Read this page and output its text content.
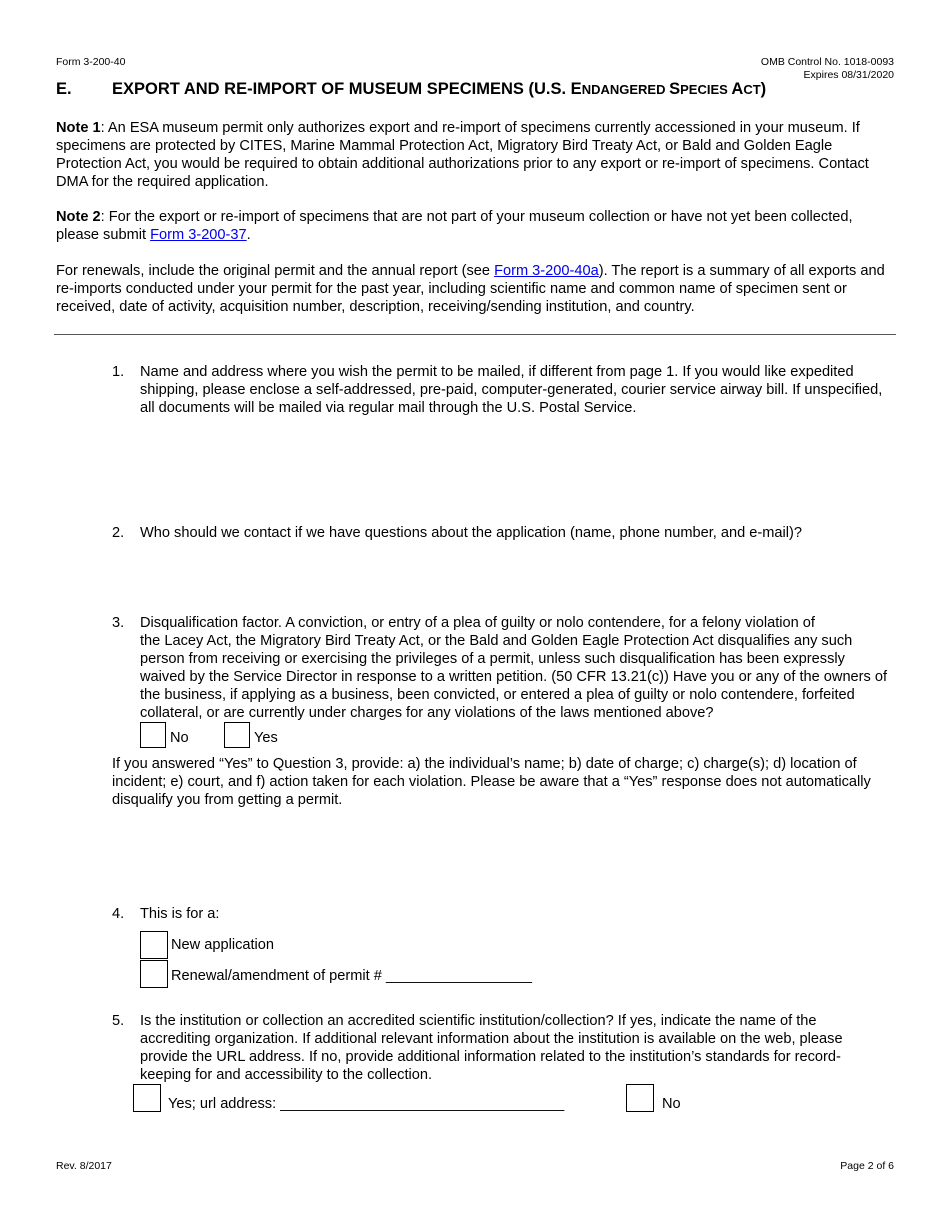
Form 3-200-40	OMB Control No. 1018-0093
Expires 08/31/2020
E. EXPORT AND RE-IMPORT OF MUSEUM SPECIMENS (U.S. ENDANGERED SPECIES ACT)
Note 1: An ESA museum permit only authorizes export and re-import of specimens currently accessioned in your museum. If specimens are protected by CITES, Marine Mammal Protection Act, Migratory Bird Treaty Act, or Bald and Golden Eagle Protection Act, you would be required to obtain additional authorizations prior to any export or re-import of specimens. Contact DMA for the required application.
Note 2: For the export or re-import of specimens that are not part of your museum collection or have not yet been collected, please submit Form 3-200-37.
For renewals, include the original permit and the annual report (see Form 3-200-40a). The report is a summary of all exports and re-imports conducted under your permit for the past year, including scientific name and common name of specimen sent or received, date of activity, acquisition number, description, receiving/sending institution, and country.
1. Name and address where you wish the permit to be mailed, if different from page 1. If you would like expedited shipping, please enclose a self-addressed, pre-paid, computer-generated, courier service airway bill. If unspecified, all documents will be mailed via regular mail through the U.S. Postal Service.
2. Who should we contact if we have questions about the application (name, phone number, and e-mail)?
3. Disqualification factor. A conviction, or entry of a plea of guilty or nolo contendere, for a felony violation of
the Lacey Act, the Migratory Bird Treaty Act, or the Bald and Golden Eagle Protection Act disqualifies any such
person from receiving or exercising the privileges of a permit, unless such disqualification has been expressly
waived by the Service Director in response to a written petition. (50 CFR 13.21(c)) Have you or any of the owners of
the business, if applying as a business, been convicted, or entered a plea of guilty or nolo contendere, forfeited
collateral, or are currently under charges for any violations of the laws mentioned above?
No	Yes
If you answered “Yes” to Question 3, provide: a) the individual’s name; b) date of charge; c) charge(s); d) location of incident; e) court, and f) action taken for each violation. Please be aware that a “Yes” response does not automatically disqualify you from getting a permit.
4. This is for a:
New application
Renewal/amendment of permit # __________________
5. Is the institution or collection an accredited scientific institution/collection? If yes, indicate the name of the accrediting organization. If additional relevant information about the institution is available on the web, please provide the URL address. If no, provide additional information related to the institution’s standards for record-keeping for and accessibility to the collection.
Yes; url address: ___________________________________	No
Rev. 8/2017	Page 2 of 6
